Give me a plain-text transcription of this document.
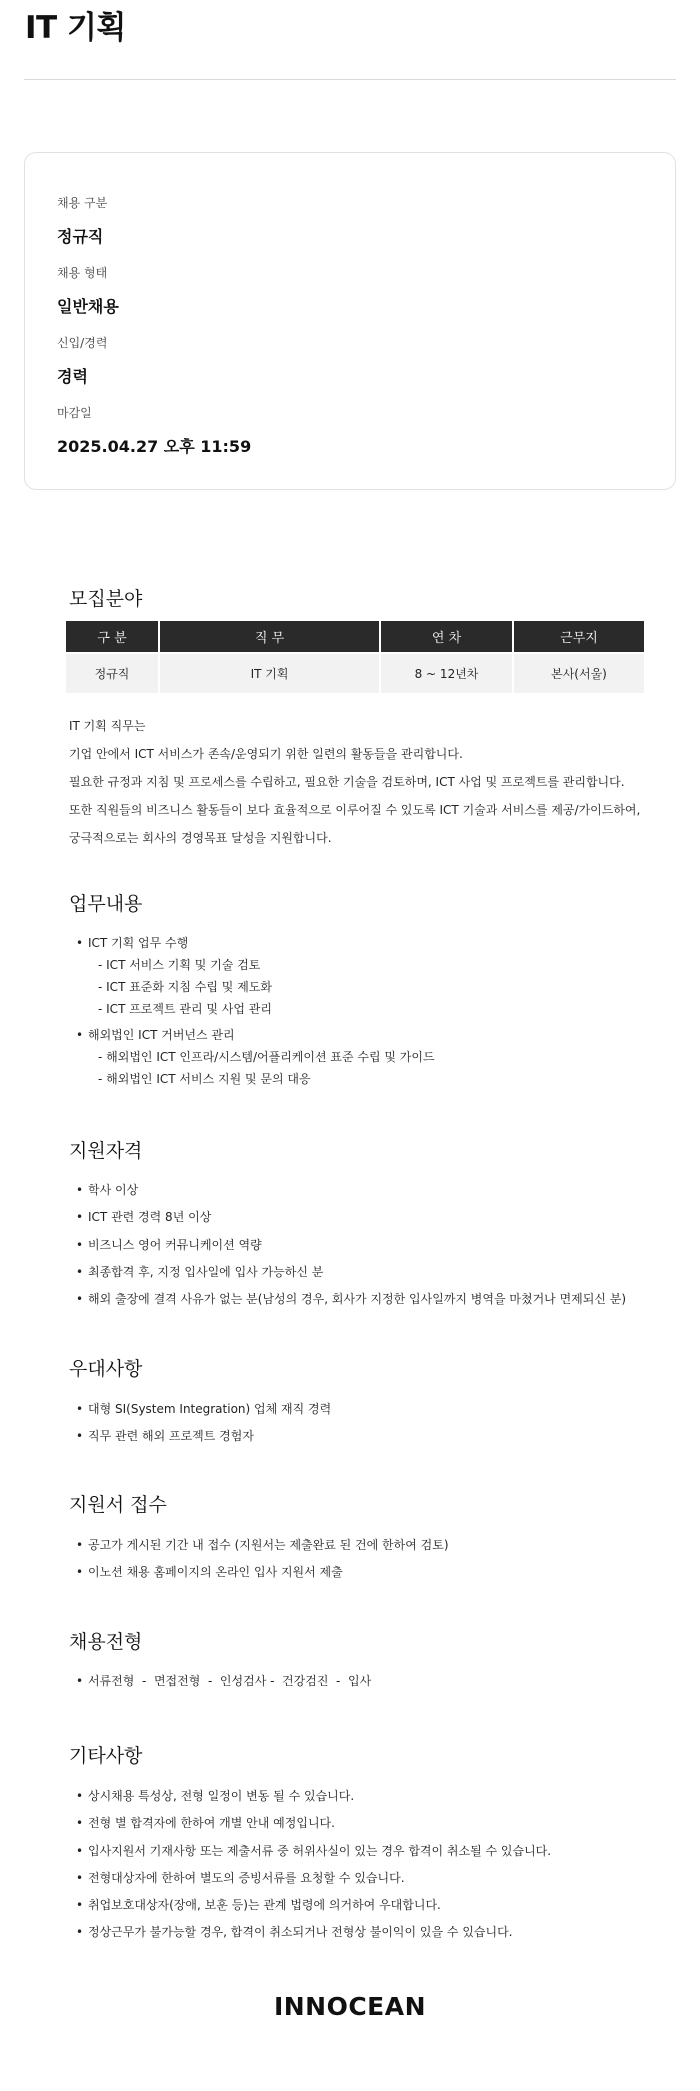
IT 기획
채용 구분
정규직
채용 형태
일반채용
신입/경력
경력
마감일
2025.04.27 오후 11:59
모집분야
구 분	직 무	연 차	근무지
정규직	IT 기획	8 ~ 12년차	본사(서울)

IT 기획 직무는

기업 안에서 ICT 서비스가 존속/운영되기 위한 일련의 활동들을 관리합니다.

필요한 규정과 지침 및 프로세스를 수립하고, 필요한 기술을 검토하며, ICT 사업 및 프로젝트를 관리합니다.

또한 직원들의 비즈니스 활동들이 보다 효율적으로 이루어질 수 있도록 ICT 기술과 서비스를 제공/가이드하여,

궁극적으로는 회사의 경영목표 달성을 지원합니다.

업무내용
• ICT 기획 업무 수행
- ICT 서비스 기획 및 기술 검토
- ICT 표준화 지침 수립 및 제도화
- ICT 프로젝트 관리 및 사업 관리
• 해외법인 ICT 거버넌스 관리
- 해외법인 ICT 인프라/시스템/어플리케이션 표준 수립 및 가이드
- 해외법인 ICT 서비스 지원 및 문의 대응
지원자격
• 학사 이상
• ICT 관련 경력 8년 이상
• 비즈니스 영어 커뮤니케이션 역량
• 최종합격 후, 지정 입사일에 입사 가능하신 분
• 해외 출장에 결격 사유가 없는 분(남성의 경우, 회사가 지정한 입사일까지 병역을 마쳤거나 면제되신 분)
우대사항
• 대형 SI(System Integration) 업체 재직 경력
• 직무 관련 해외 프로젝트 경험자
지원서 접수
• 공고가 게시된 기간 내 접수 (지원서는 제출완료 된 건에 한하여 검토)
• 이노션 채용 홈페이지의 온라인 입사 지원서 제출
채용전형
• 서류전형  -  면접전형  -  인성검사 -  건강검진  -  입사
기타사항
• 상시채용 특성상, 전형 일정이 변동 될 수 있습니다.
• 전형 별 합격자에 한하여 개별 안내 예정입니다.
• 입사지원서 기재사항 또는 제출서류 중 허위사실이 있는 경우 합격이 취소될 수 있습니다.
• 전형대상자에 한하여 별도의 증빙서류를 요청할 수 있습니다.
• 취업보호대상자(장애, 보훈 등)는 관계 법령에 의거하여 우대합니다.
• 정상근무가 불가능할 경우, 합격이 취소되거나 전형상 불이익이 있을 수 있습니다.
INNOCEAN
